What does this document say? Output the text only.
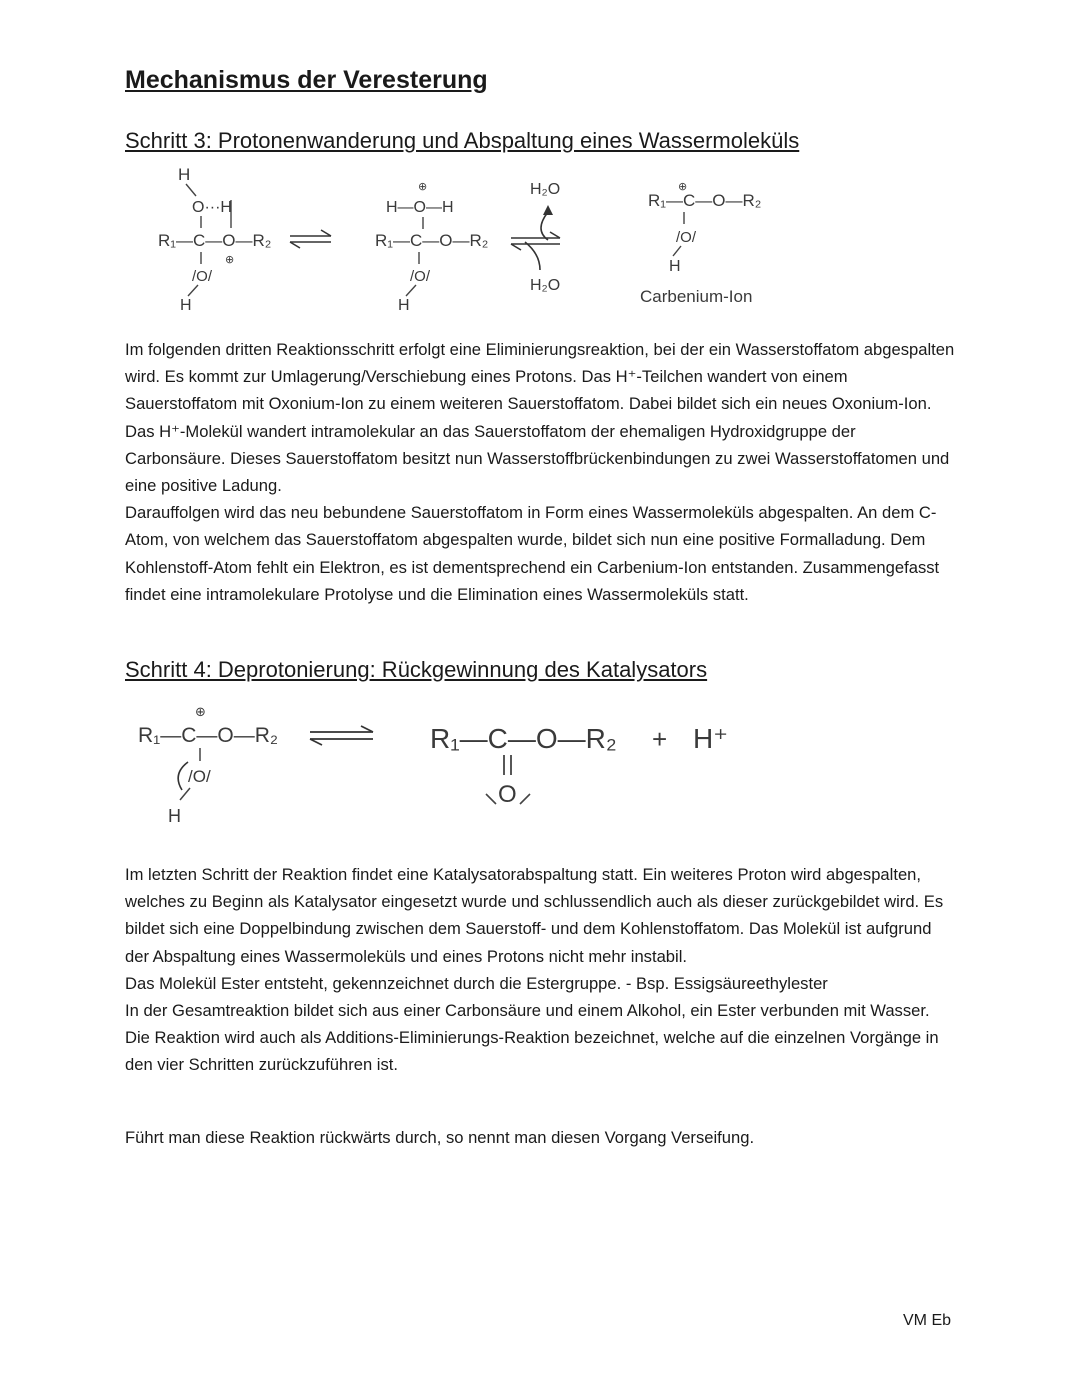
Mechanismus der Veresterung
Schritt 3: Protonenwanderung und Abspaltung eines Wassermoleküls
H
O···H
R₁—C—O—R₂
⊕
/O/
H
⊕
H—O—H
R₁—C—O—R₂
/O/
H
H₂O
H₂O
⊕
R₁—C—O—R₂
/O/
H
Carbenium-Ion

Im folgenden dritten Reaktionsschritt erfolgt eine Eliminierungsreaktion, bei der ein Wasserstoffatom abgespalten wird. Es kommt zur Umlagerung/Verschiebung eines Protons. Das H⁺-Teilchen wandert von einem Sauerstoffatom mit Oxonium-Ion zu einem weiteren Sauerstoffatom. Dabei bildet sich ein neues Oxonium-Ion. Das H⁺-Molekül wandert intramolekular an das Sauerstoffatom der ehemaligen Hydroxidgruppe der Carbonsäure. Dieses Sauerstoffatom besitzt nun Wasserstoffbrückenbindungen zu zwei Wasserstoffatomen und eine positive Ladung.

Darauffolgen wird das neu bebundene Sauerstoffatom in Form eines Wassermoleküls abgespalten. An dem C-Atom, von welchem das Sauerstoffatom abgespalten wurde, bildet sich nun eine positive Formalladung. Dem Kohlenstoff-Atom fehlt ein Elektron, es ist dementsprechend ein Carbenium-Ion entstanden. Zusammengefasst findet eine intramolekulare Protolyse und die Elimination eines Wassermoleküls statt.

Schritt 4: Deprotonierung: Rückgewinnung des Katalysators
⊕
R₁—C—O—R₂
/O/
H
R₁—C—O—R₂
O
+ H⁺

Im letzten Schritt der Reaktion findet eine Katalysatorabspaltung statt. Ein weiteres Proton wird abgespalten, welches zu Beginn als Katalysator eingesetzt wurde und schlussendlich auch als dieser zurückgebildet wird. Es bildet sich eine Doppelbindung zwischen dem Sauerstoff- und dem Kohlenstoffatom. Das Molekül ist aufgrund der Abspaltung eines Wassermoleküls und eines Protons nicht mehr instabil.

Das Molekül Ester entsteht, gekennzeichnet durch die Estergruppe. - Bsp. Essigsäureethylester

In der Gesamtreaktion bildet sich aus einer Carbonsäure und einem Alkohol, ein Ester verbunden mit Wasser. Die Reaktion wird auch als Additions-Eliminierungs-Reaktion bezeichnet, welche auf die einzelnen Vorgänge in den vier Schritten zurückzuführen ist.

Führt man diese Reaktion rückwärts durch, so nennt man diesen Vorgang Verseifung.
VM Eb
